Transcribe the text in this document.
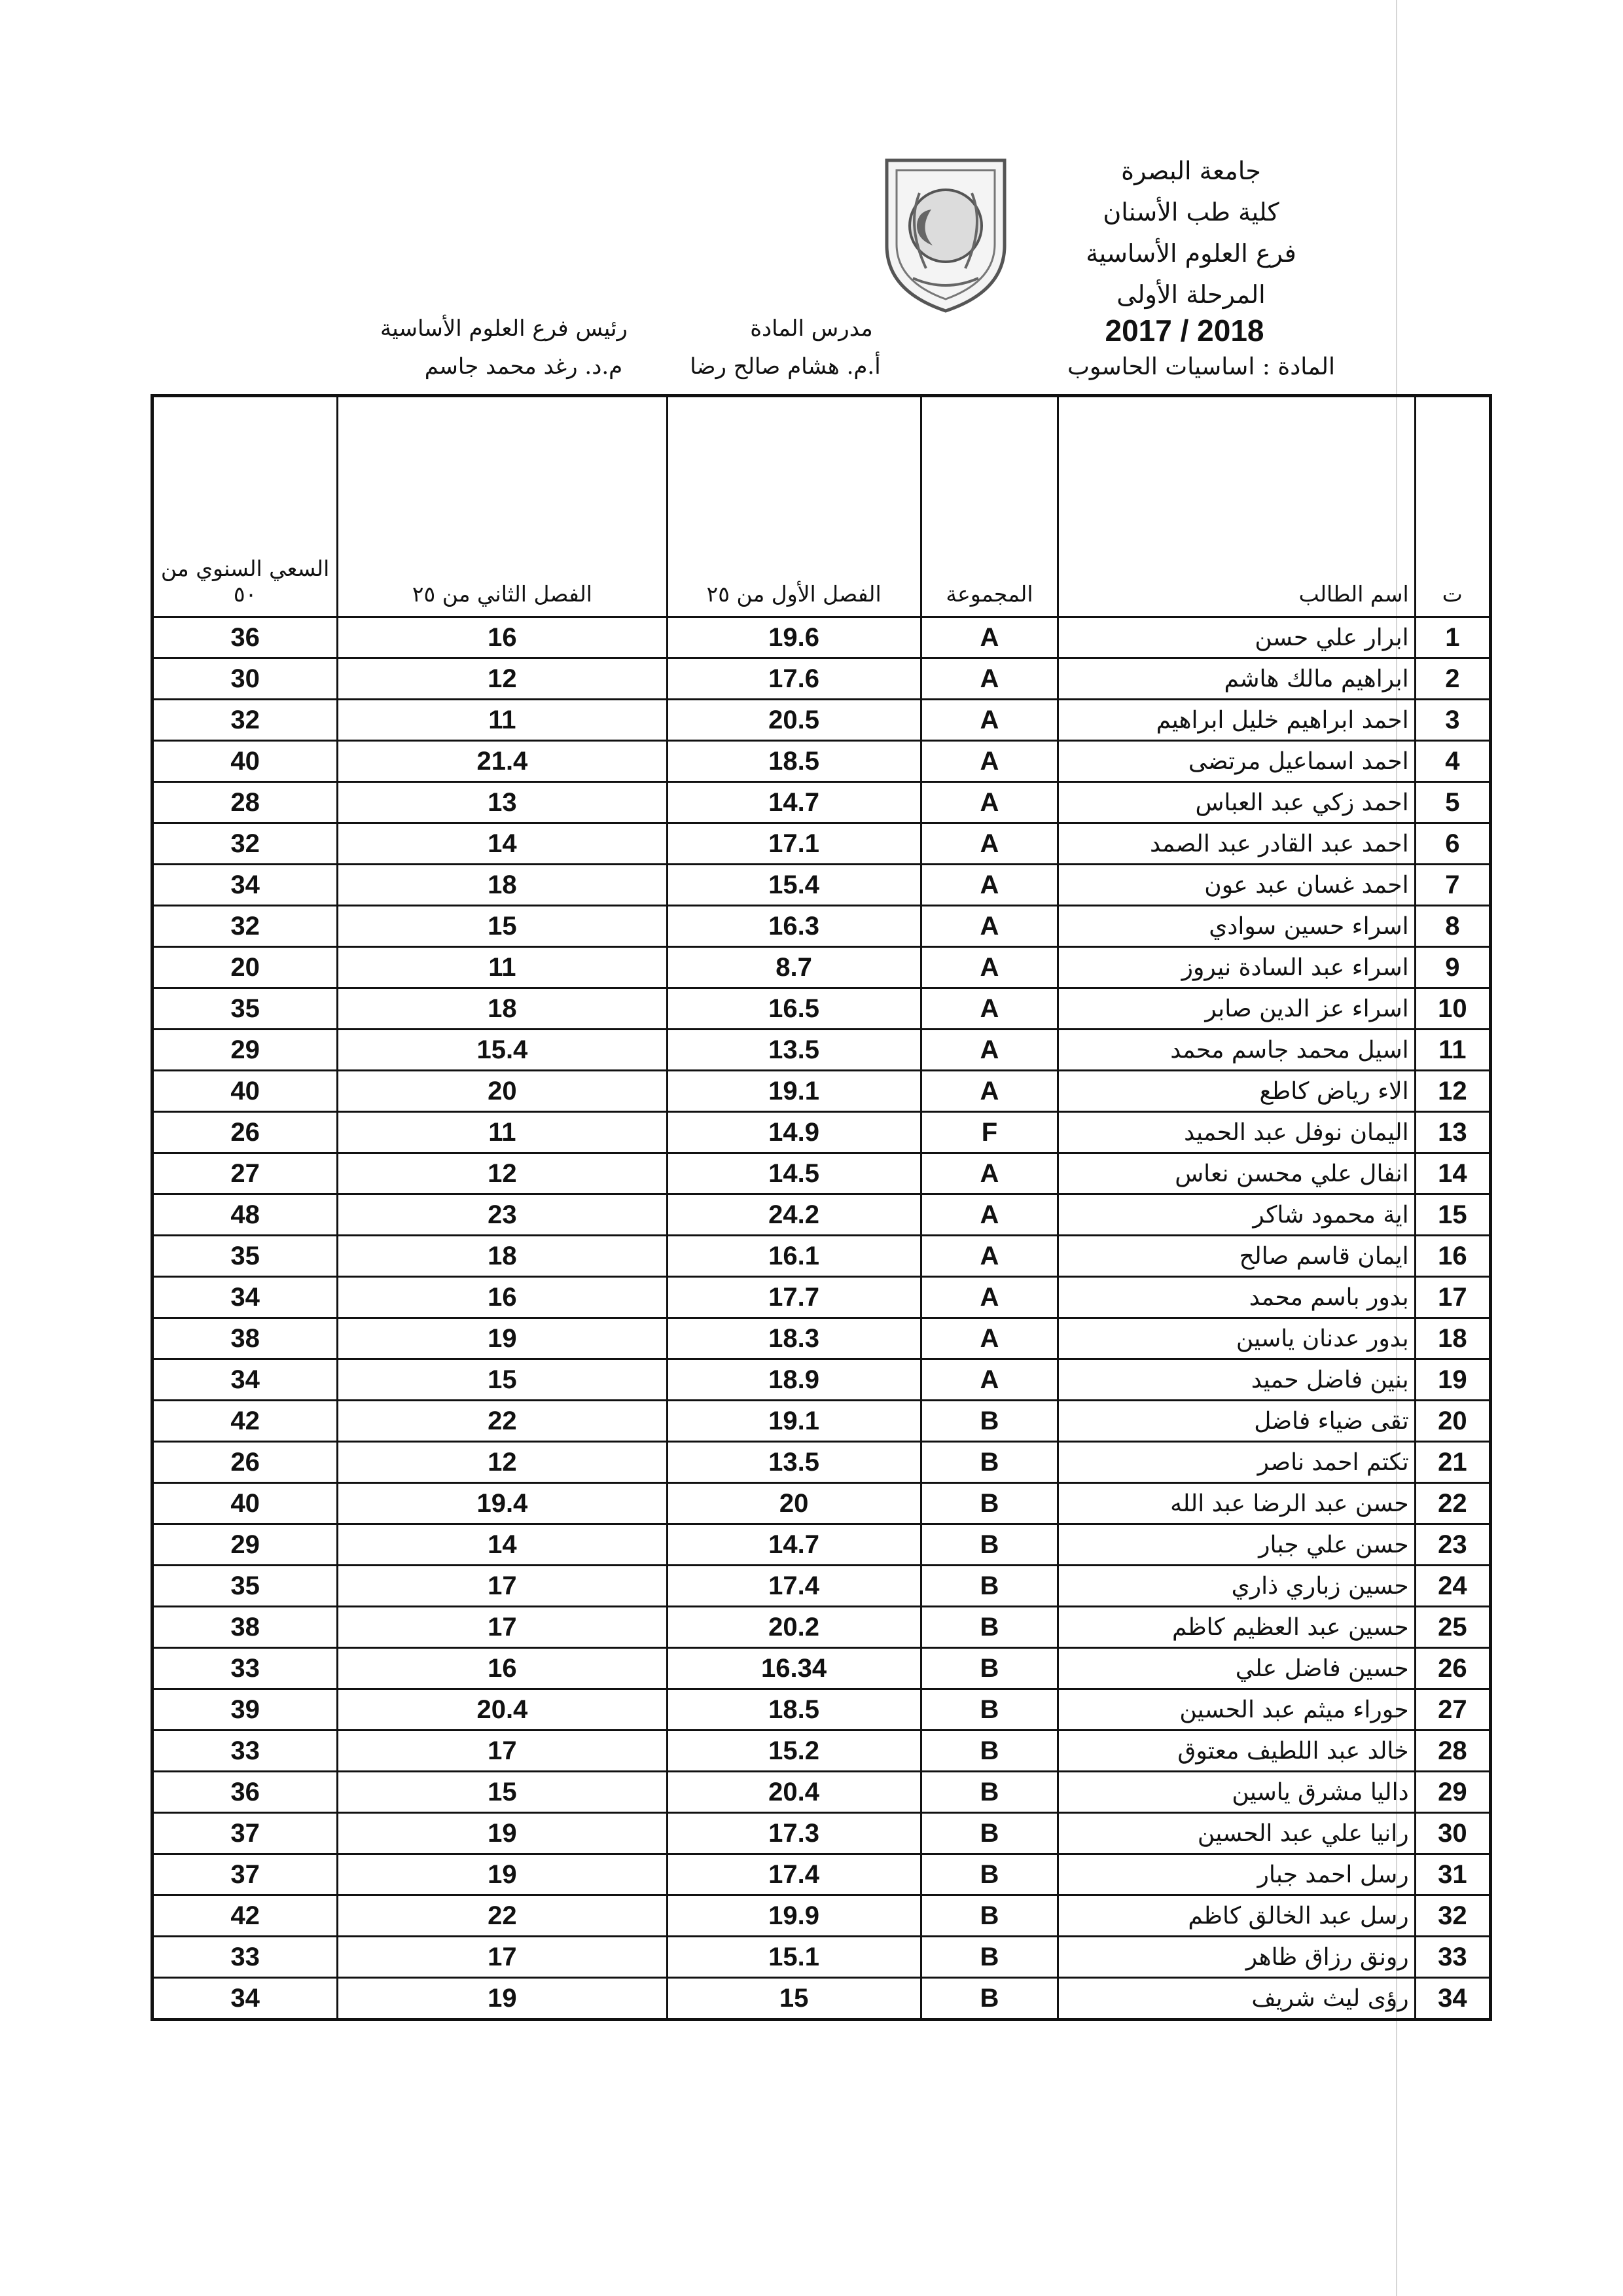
جامعة البصرة
كلية طب الأسنان
فرع العلوم الأساسية
المرحلة الأولى
2017 / 2018
المادة : اساسيات الحاسوب
مدرس المادة
أ.م. هشام صالح رضا
رئيس فرع العلوم الأساسية
م.د. رغد محمد جاسم
ت	اسم الطالب	المجموعة	الفصل الأول من ٢٥	الفصل الثاني من ٢٥	السعي السنوي من ٥٠
1	ابرار علي حسن	A	19.6	16	36
2	ابراهيم مالك هاشم	A	17.6	12	30
3	احمد ابراهيم خليل ابراهيم	A	20.5	11	32
4	احمد اسماعيل مرتضى	A	18.5	21.4	40
5	احمد زكي عبد العباس	A	14.7	13	28
6	احمد عبد القادر عبد الصمد	A	17.1	14	32
7	احمد غسان عبد عون	A	15.4	18	34
8	اسراء حسين سوادي	A	16.3	15	32
9	اسراء عبد السادة نيروز	A	8.7	11	20
10	اسراء عز الدين صابر	A	16.5	18	35
11	اسيل محمد جاسم محمد	A	13.5	15.4	29
12	الاء رياض كاطع	A	19.1	20	40
13	اليمان نوفل عبد الحميد	F	14.9	11	26
14	انفال علي محسن نعاس	A	14.5	12	27
15	اية محمود شاكر	A	24.2	23	48
16	ايمان قاسم صالح	A	16.1	18	35
17	بدور باسم محمد	A	17.7	16	34
18	بدور عدنان ياسين	A	18.3	19	38
19	بنين فاضل حميد	A	18.9	15	34
20	تقى ضياء فاضل	B	19.1	22	42
21	تكتم احمد ناصر	B	13.5	12	26
22	حسن عبد الرضا عبد الله	B	20	19.4	40
23	حسن علي جبار	B	14.7	14	29
24	حسين زباري ذاري	B	17.4	17	35
25	حسين عبد العظيم كاظم	B	20.2	17	38
26	حسين فاضل علي	B	16.34	16	33
27	حوراء ميثم عبد الحسين	B	18.5	20.4	39
28	خالد عبد اللطيف معتوق	B	15.2	17	33
29	داليا مشرق ياسين	B	20.4	15	36
30	رانيا علي عبد الحسين	B	17.3	19	37
31	رسل احمد جبار	B	17.4	19	37
32	رسل عبد الخالق كاظم	B	19.9	22	42
33	رونق رزاق ظاهر	B	15.1	17	33
34	رؤى ليث شريف	B	15	19	34
